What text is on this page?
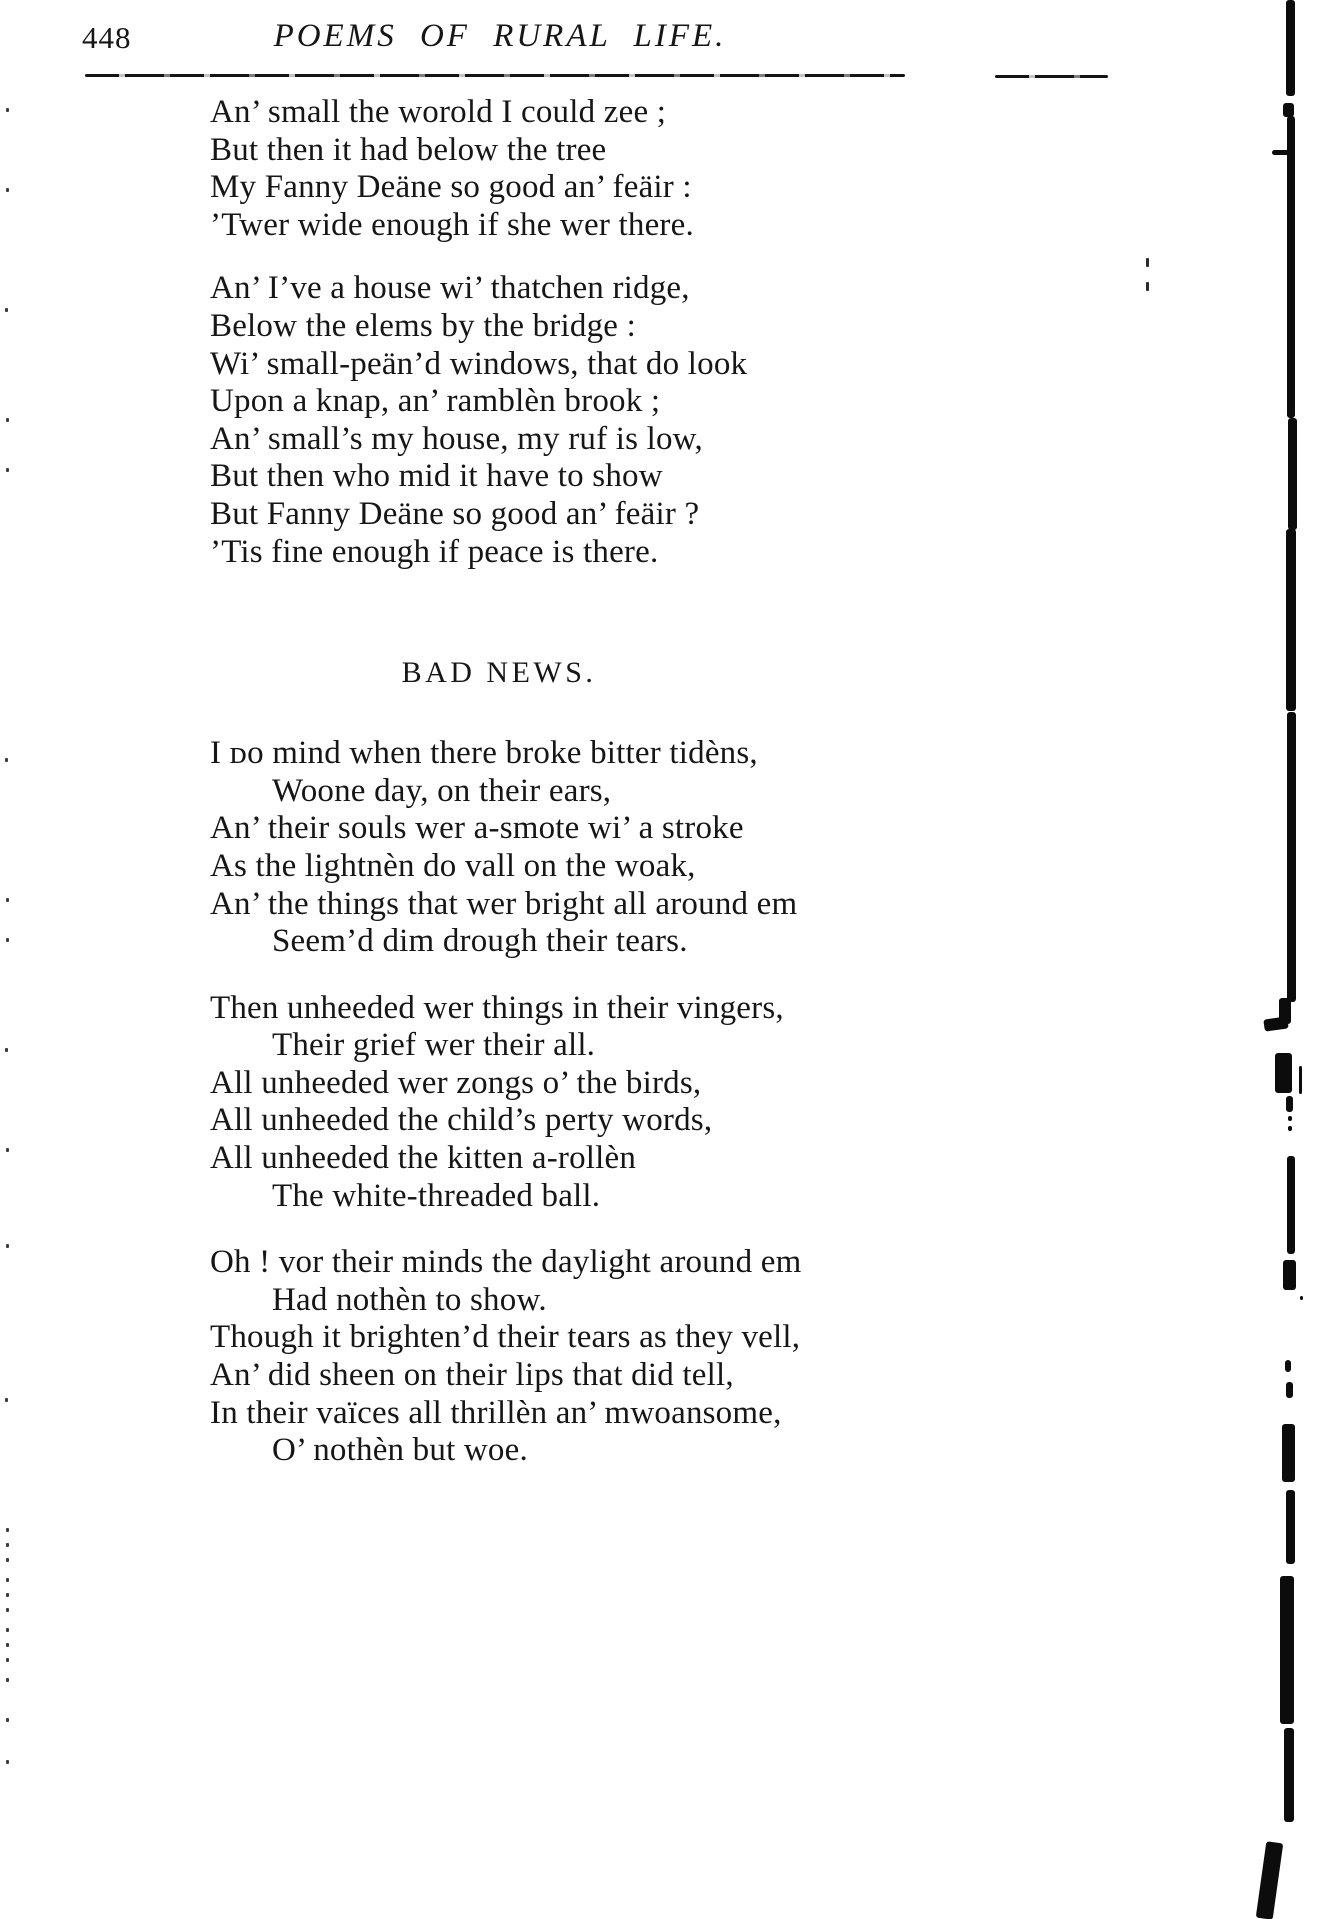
448	POEMS OF RURAL LIFE.
An’ small the worold I could zee ;
But then it had below the tree
My Fanny Deäne so good an’ feäir :
’Twer wide enough if she wer there.
An’ I’ve a house wi’ thatchen ridge,
Below the elems by the bridge :
Wi’ small-peän’d windows, that do look
Upon a knap, an’ ramblèn brook ;
An’ small’s my house, my ruf is low,
But then who mid it have to show
But Fanny Deäne so good an’ feäir ?
’Tis fine enough if peace is there.
BAD NEWS.
I ᴅᴏ mind when there broke bitter tidèns,
Woone day, on their ears,
An’ their souls wer a-smote wi’ a stroke
As the lightnèn do vall on the woak,
An’ the things that wer bright all around em
Seem’d dim drough their tears.
Then unheeded wer things in their vingers,
Their grief wer their all.
All unheeded wer zongs o’ the birds,
All unheeded the child’s perty words,
All unheeded the kitten a-rollèn
The white-threaded ball.
Oh ! vor their minds the daylight around em
Had nothèn to show.
Though it brighten’d their tears as they vell,
An’ did sheen on their lips that did tell,
In their vaïces all thrillèn an’ mwoansome,
O’ nothèn but woe.
